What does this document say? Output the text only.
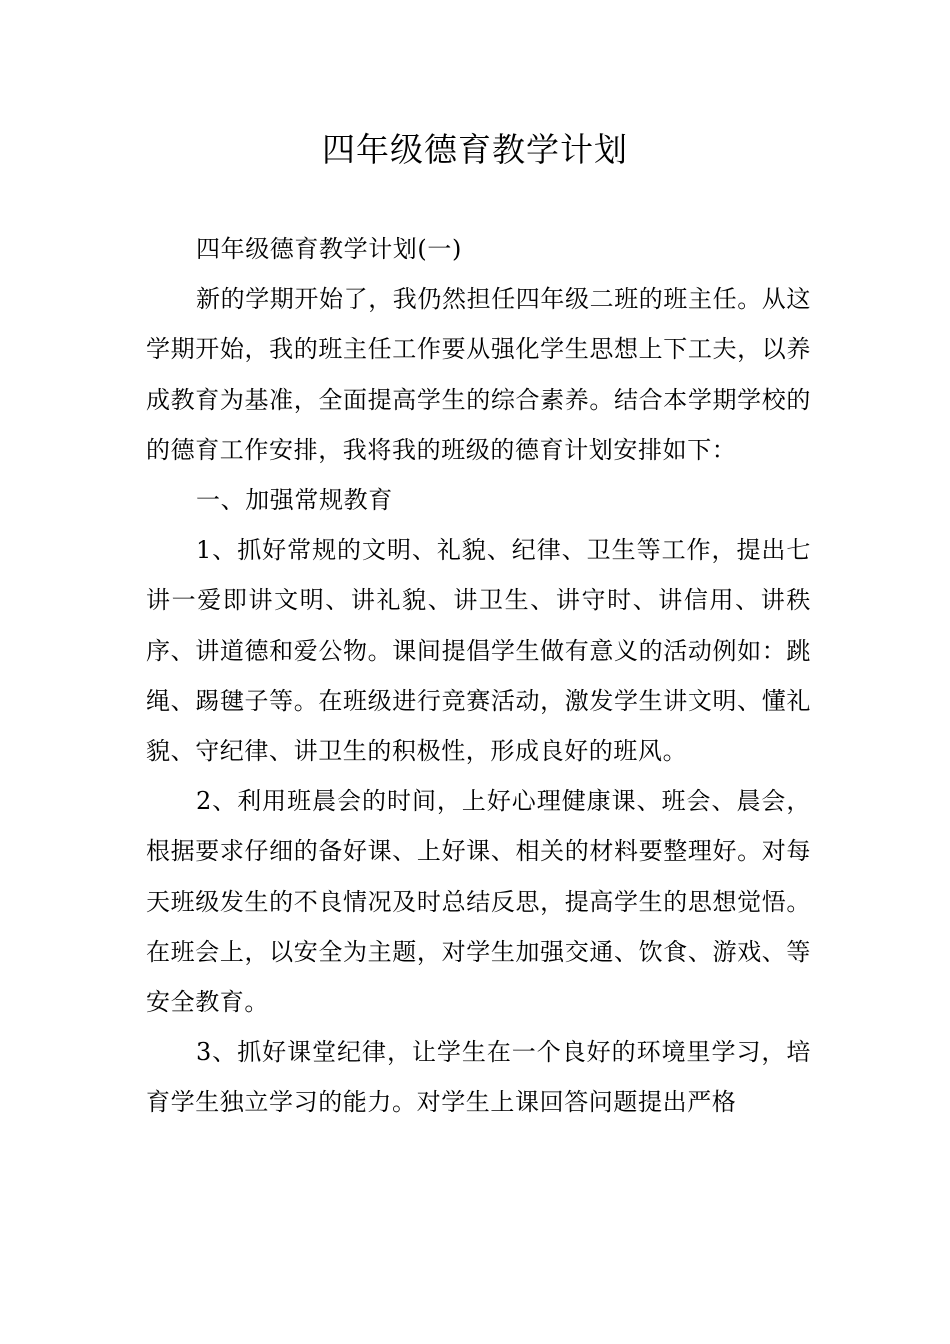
四年级德育教学计划

四年级德育教学计划(一)

新的学期开始了，我仍然担任四年级二班的班主任。从这学期开始，我的班主任工作要从强化学生思想上下工夫，以养成教育为基准，全面提高学生的综合素养。结合本学期学校的的德育工作安排，我将我的班级的德育计划安排如下：

一、加强常规教育

1、抓好常规的文明、礼貌、纪律、卫生等工作，提出七讲一爱即讲文明、讲礼貌、讲卫生、讲守时、讲信用、讲秩序、讲道德和爱公物。课间提倡学生做有意义的活动例如：跳绳、踢毽子等。在班级进行竞赛活动，激发学生讲文明、懂礼貌、守纪律、讲卫生的积极性，形成良好的班风。

2、利用班晨会的时间，上好心理健康课、班会、晨会，根据要求仔细的备好课、上好课、相关的材料要整理好。对每天班级发生的不良情况及时总结反思，提高学生的思想觉悟。在班会上，以安全为主题，对学生加强交通、饮食、游戏、等安全教育。

3、抓好课堂纪律，让学生在一个良好的环境里学习，培育学生独立学习的能力。对学生上课回答问题提出严格
